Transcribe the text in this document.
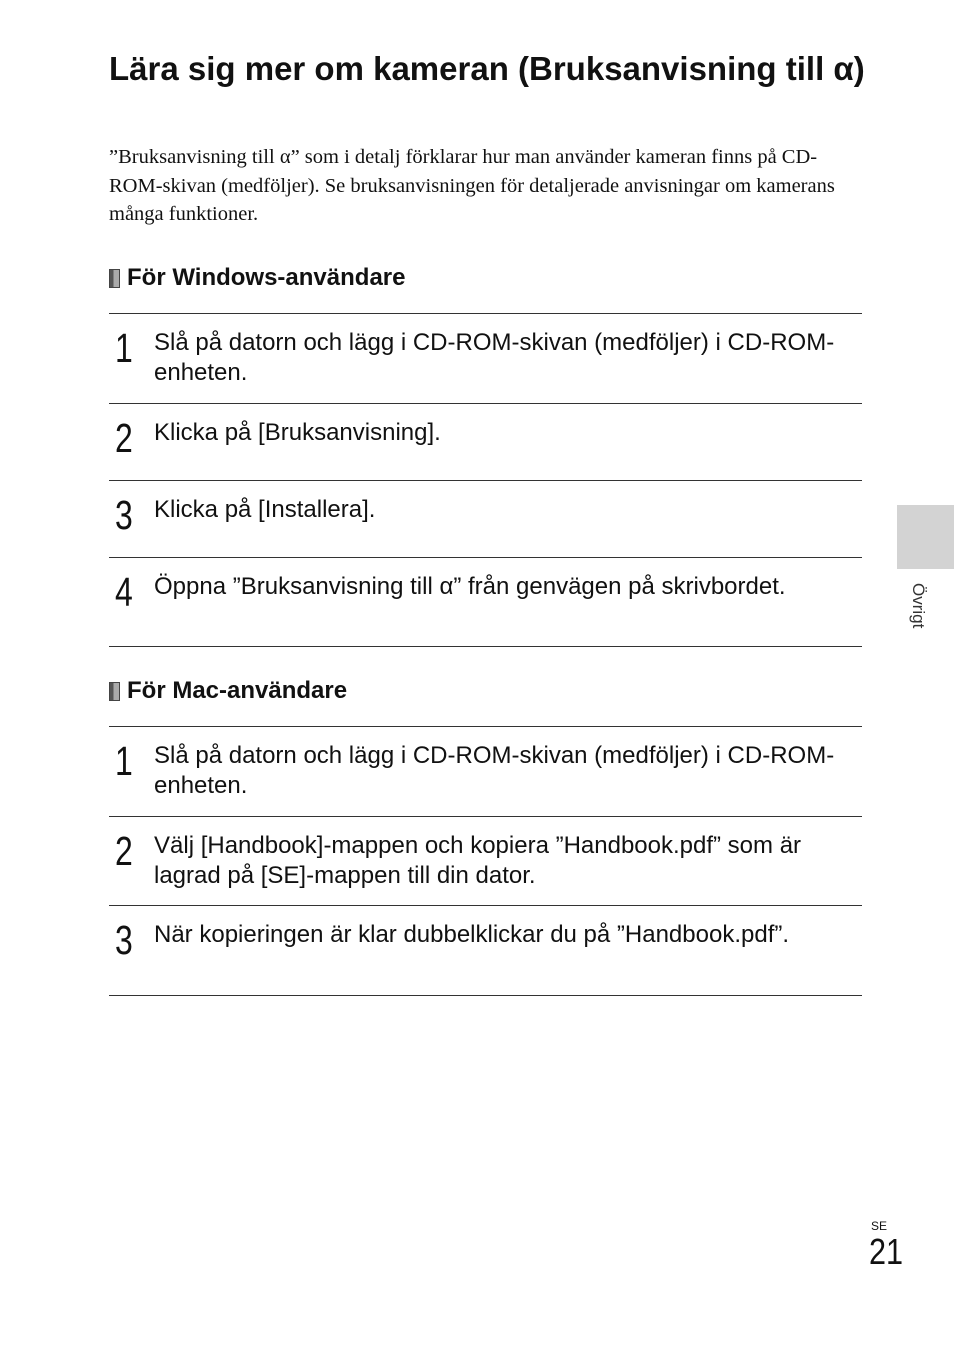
Lära sig mer om kameran (Bruksanvisning till α)

”Bruksanvisning till α” som i detalj förklarar hur man använder kameran finns på CD-ROM-skivan (medföljer). Se bruksanvisningen för detaljerade anvisningar om kamerans många funktioner.

För Windows-användare
1 Slå på datorn och lägg i CD-ROM-skivan (medföljer) i CD-ROM-enheten.
2 Klicka på [Bruksanvisning].
3 Klicka på [Installera].
4 Öppna ”Bruksanvisning till α” från genvägen på skrivbordet.
För Mac-användare
1 Slå på datorn och lägg i CD-ROM-skivan (medföljer) i CD-ROM-enheten.
2 Välj [Handbook]-mappen och kopiera ”Handbook.pdf” som är lagrad på [SE]-mappen till din dator.
3 När kopieringen är klar dubbelklickar du på ”Handbook.pdf”.
Övrigt
SE
21
